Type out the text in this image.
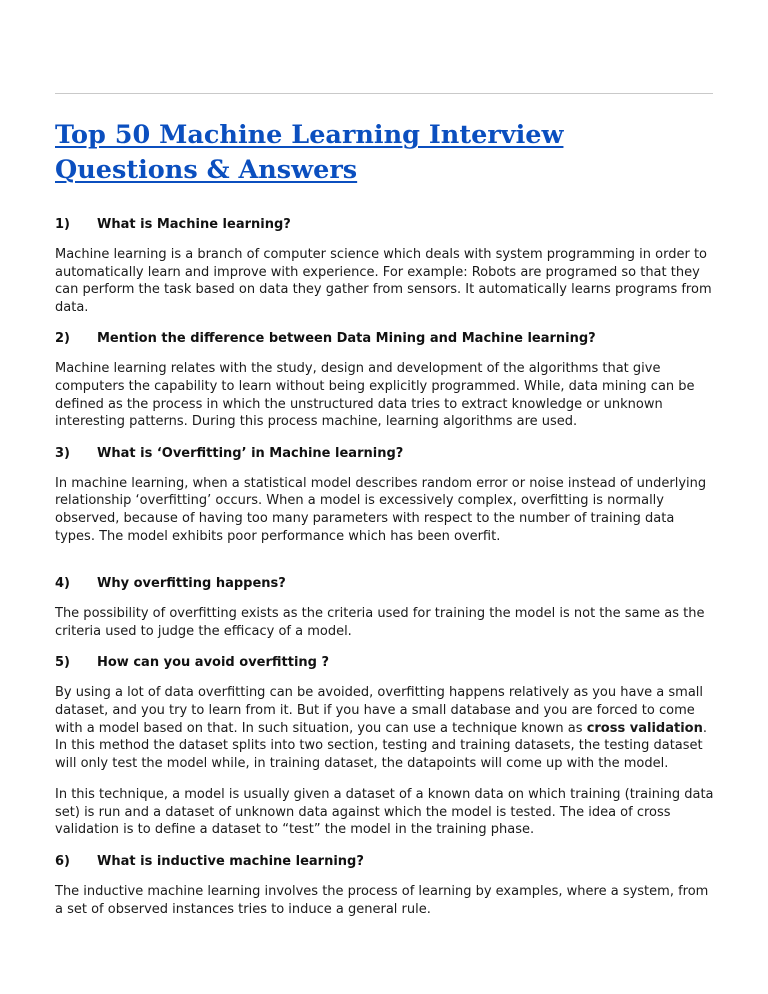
Top 50 Machine Learning Interview Questions & Answers
1)	What is Machine learning?

Machine learning is a branch of computer science which deals with system programming in order to automatically learn and improve with experience. For example: Robots are programed so that they can perform the task based on data they gather from sensors. It automatically learns programs from data.

2)	Mention the difference between Data Mining and Machine learning?

Machine learning relates with the study, design and development of the algorithms that give computers the capability to learn without being explicitly programmed. While, data mining can be defined as the process in which the unstructured data tries to extract knowledge or unknown interesting patterns. During this process machine, learning algorithms are used.

3)	What is ‘Overfitting’ in Machine learning?

In machine learning, when a statistical model describes random error or noise instead of underlying relationship ‘overfitting’ occurs. When a model is excessively complex, overfitting is normally observed, because of having too many parameters with respect to the number of training data types. The model exhibits poor performance which has been overfit.

4)	Why overfitting happens?

The possibility of overfitting exists as the criteria used for training the model is not the same as the criteria used to judge the efficacy of a model.

5)	How can you avoid overfitting ?

By using a lot of data overfitting can be avoided, overfitting happens relatively as you have a small dataset, and you try to learn from it. But if you have a small database and you are forced to come with a model based on that. In such situation, you can use a technique known as cross validation. In this method the dataset splits into two section, testing and training datasets, the testing dataset will only test the model while, in training dataset, the datapoints will come up with the model.

In this technique, a model is usually given a dataset of a known data on which training (training data set) is run and a dataset of unknown data against which the model is tested. The idea of cross validation is to define a dataset to “test” the model in the training phase.

6)	What is inductive machine learning?

The inductive machine learning involves the process of learning by examples, where a system, from a set of observed instances tries to induce a general rule.
